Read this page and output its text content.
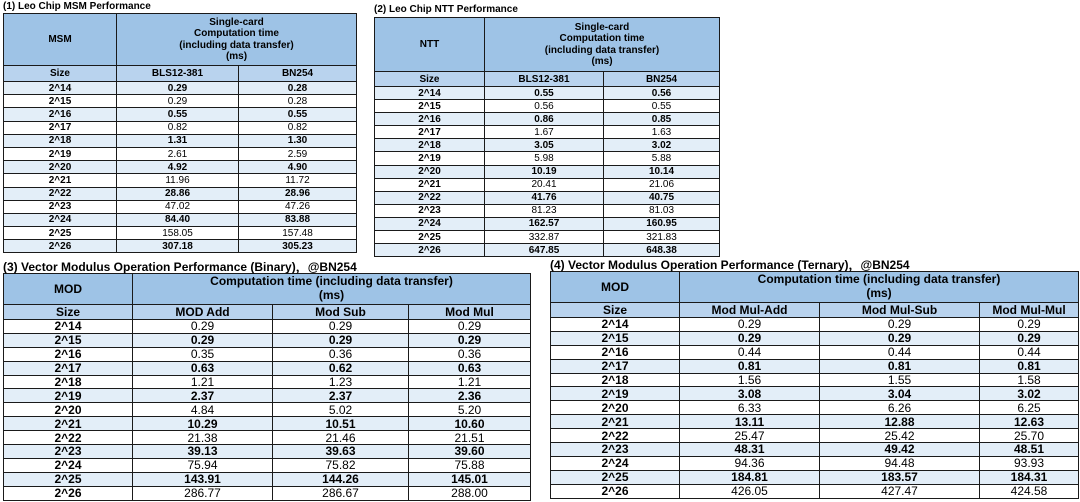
(1) Leo Chip MSM Performance
MSM	Single-card
Computation time
(including data transfer)
(ms)	
Size	BLS12-381	BN254
2^14	0.29	0.28
2^15	0.29	0.28
2^16	0.55	0.55
2^17	0.82	0.82
2^18	1.31	1.30
2^19	2.61	2.59
2^20	4.92	4.90
2^21	11.96	11.72
2^22	28.86	28.96
2^23	47.02	47.26
2^24	84.40	83.88
2^25	158.05	157.48
2^26	307.18	305.23
(2) Leo Chip NTT Performance
NTT	Single-card
Computation time
(including data transfer)
(ms)	
Size	BLS12-381	BN254
2^14	0.55	0.56
2^15	0.56	0.55
2^16	0.86	0.85
2^17	1.67	1.63
2^18	3.05	3.02
2^19	5.98	5.88
2^20	10.19	10.14
2^21	20.41	21.06
2^22	41.76	40.75
2^23	81.23	81.03
2^24	162.57	160.95
2^25	332.87	321.83
2^26	647.85	648.38
(3) Vector Modulus Operation Performance (Binary)，@BN254
MOD	Computation time (including data transfer)
(ms)		
Size	MOD Add	Mod Sub	Mod Mul
2^14	0.29	0.29	0.29
2^15	0.29	0.29	0.29
2^16	0.35	0.36	0.36
2^17	0.63	0.62	0.63
2^18	1.21	1.23	1.21
2^19	2.37	2.37	2.36
2^20	4.84	5.02	5.20
2^21	10.29	10.51	10.60
2^22	21.38	21.46	21.51
2^23	39.13	39.63	39.60
2^24	75.94	75.82	75.88
2^25	143.91	144.26	145.01
2^26	286.77	286.67	288.00
(4) Vector Modulus Operation Performance (Ternary)，@BN254
MOD	Computation time (including data transfer)
(ms)		
Size	Mod Mul-Add	Mod Mul-Sub	Mod Mul-Mul
2^14	0.29	0.29	0.29
2^15	0.29	0.29	0.29
2^16	0.44	0.44	0.44
2^17	0.81	0.81	0.81
2^18	1.56	1.55	1.58
2^19	3.08	3.04	3.02
2^20	6.33	6.26	6.25
2^21	13.11	12.88	12.63
2^22	25.47	25.42	25.70
2^23	48.31	49.42	48.51
2^24	94.36	94.48	93.93
2^25	184.81	183.57	184.31
2^26	426.05	427.47	424.58
